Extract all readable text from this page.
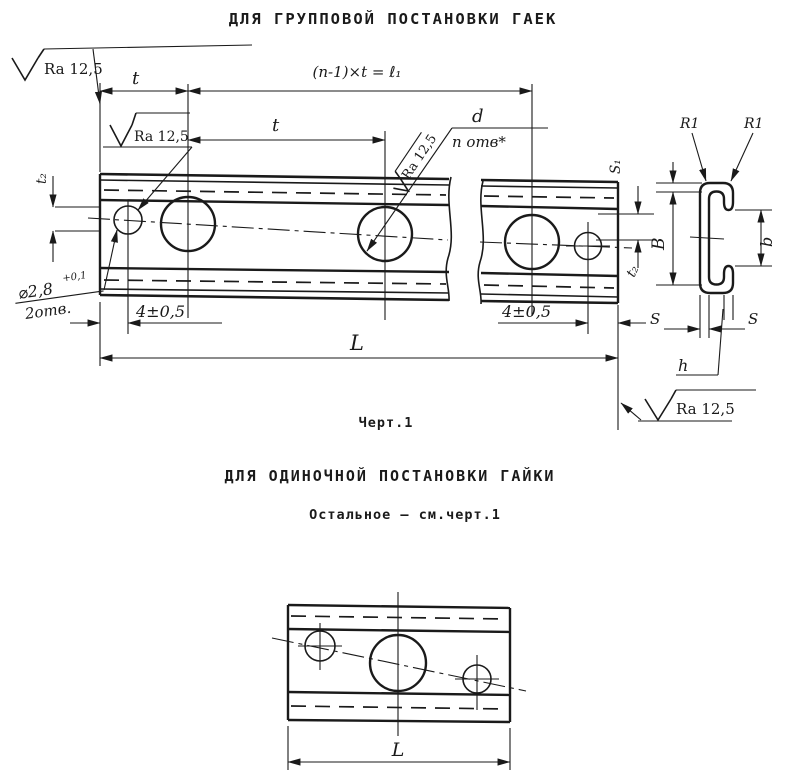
ДЛЯ ГРУППОВОЙ ПОСТАНОВКИ ГАЕК
ДЛЯ ОДИНОЧНОЙ ПОСТАНОВКИ ГАЙКИ
Остальное – см.черт.1
Черт.1
t	(n-1)×t = ℓ₁
t
Ra 12,5
Ra 12,5
⌀2,8
+0,1
2отв.
t₂
t₂
d
n отв*
Ra 12,5
4±0,5	4±0,5
L
Ra 12,5
B
S₁
b
R1	R1
S	S
h
L
